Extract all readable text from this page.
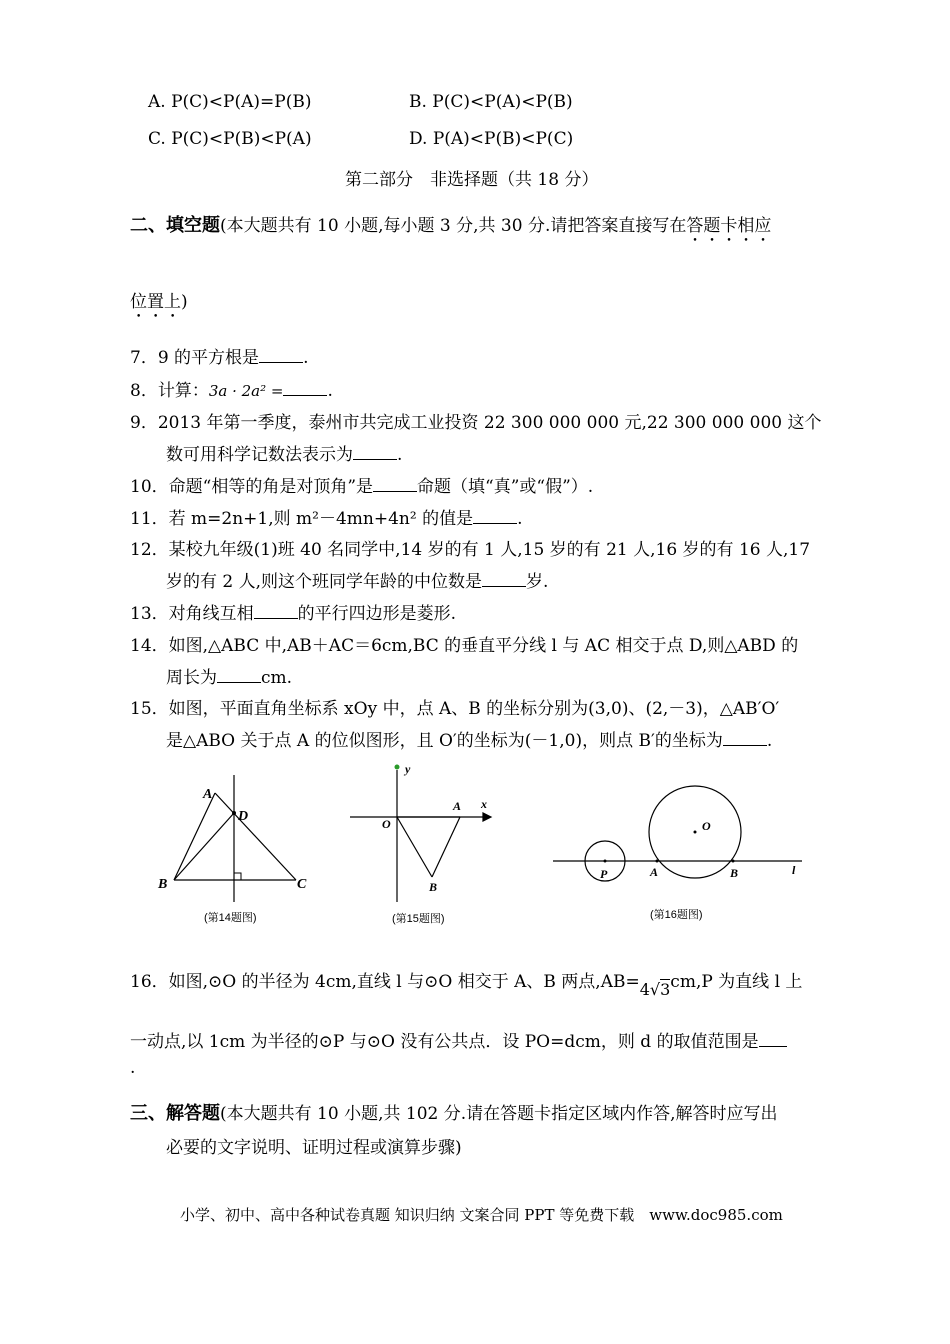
A. P(C)<P(A)=P(B)	B. P(C)<P(A)<P(B)
C. P(C)<P(B)<P(A)	D. P(A)<P(B)<P(C)
第二部分　非选择题（共 18 分）
二、填空题(本大题共有 10 小题,每小题 3 分,共 30 分.请把答案直接写在答题卡相应
位置上)
7．9 的平方根是	.
8．计算：3a · 2a² =	.
9．2013 年第一季度，泰州市共完成工业投资 22 300 000 000 元,22 300 000 000 这个
数可用科学记数法表示为	.
10．命题“相等的角是对顶角”是	命题（填“真”或“假”）.
11．若 m=2n+1,则 m²－4mn+4n² 的值是	.
12．某校九年级(1)班 40 名同学中,14 岁的有 1 人,15 岁的有 21 人,16 岁的有 16 人,17
岁的有 2 人,则这个班同学年龄的中位数是	岁.
13．对角线互相	的平行四边形是菱形.
14．如图,△ABC 中,AB＋AC＝6cm,BC 的垂直平分线 l 与 AC 相交于点 D,则△ABD 的
周长为	cm.
15．如图，平面直角坐标系 xOy 中，点 A、B 的坐标分别为(3,0)、(2,－3)，△AB′O′
是△ABO 关于点 A 的位似图形，且 O′的坐标为(－1,0)，则点 B′的坐标为	.
A
D
B	C
y
x
O
A
B
O
P	A	B	l
(第14题图)	(第15题图)	(第16题图)
16．如图,⊙O 的半径为 4cm,直线 l 与⊙O 相交于 A、B 两点,AB=4√3cm,P 为直线 l 上
一动点,以 1cm 为半径的⊙P 与⊙O 没有公共点．设 PO=dcm，则 d 的取值范围是
.
三、解答题(本大题共有 10 小题,共 102 分.请在答题卡指定区域内作答,解答时应写出
必要的文字说明、证明过程或演算步骤)
小学、初中、高中各种试卷真题 知识归纳 文案合同 PPT 等免费下载　www.doc985.com
